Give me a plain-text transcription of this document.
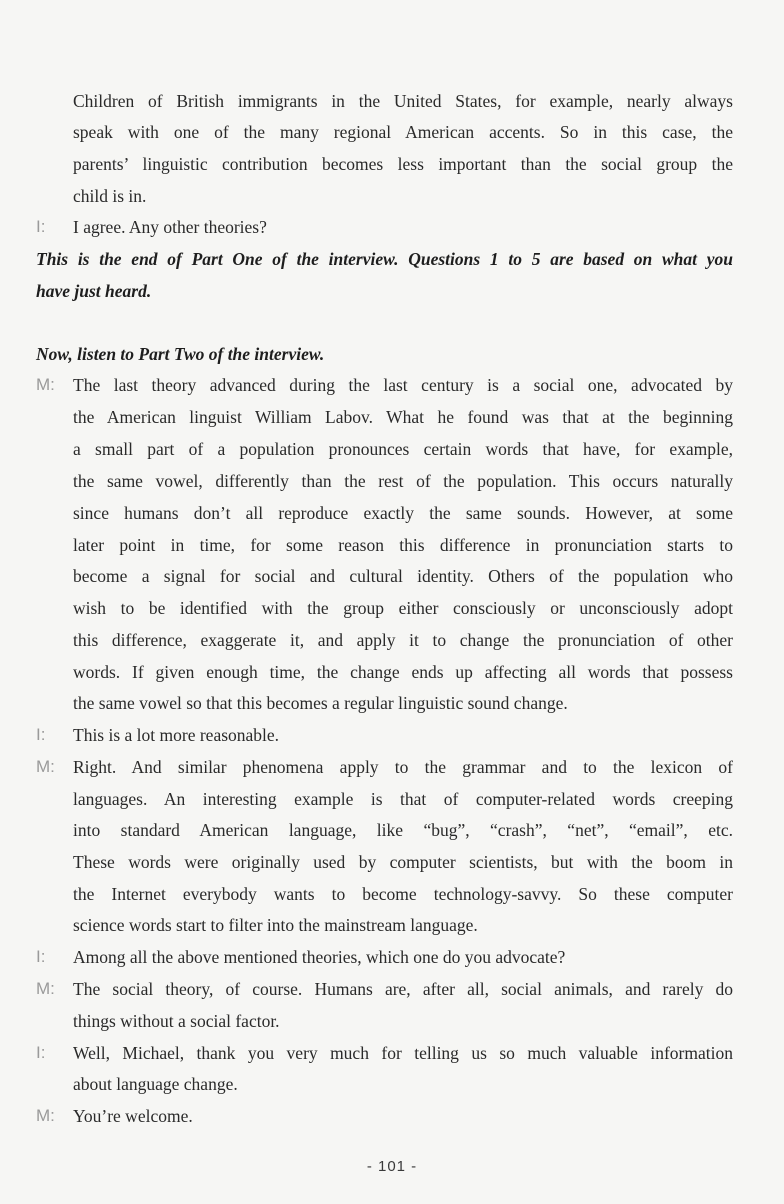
Children of British immigrants in the United States, for example, nearly always
speak with one of the many regional American accents. So in this case, the
parents’ linguistic contribution becomes less important than the social group the
child is in.
I: I agree. Any other theories?
This is the end of Part One of the interview. Questions 1 to 5 are based on what you
have just heard.
Now, listen to Part Two of the interview.
M: The last theory advanced during the last century is a social one, advocated by
the American linguist William Labov. What he found was that at the beginning
a small part of a population pronounces certain words that have, for example,
the same vowel, differently than the rest of the population. This occurs naturally
since humans don’t all reproduce exactly the same sounds. However, at some
later point in time, for some reason this difference in pronunciation starts to
become a signal for social and cultural identity. Others of the population who
wish to be identified with the group either consciously or unconsciously adopt
this difference, exaggerate it, and apply it to change the pronunciation of other
words. If given enough time, the change ends up affecting all words that possess
the same vowel so that this becomes a regular linguistic sound change.
I: This is a lot more reasonable.
M: Right. And similar phenomena apply to the grammar and to the lexicon of
languages. An interesting example is that of computer-related words creeping
into standard American language, like “bug”, “crash”, “net”, “email”, etc.
These words were originally used by computer scientists, but with the boom in
the Internet everybody wants to become technology-savvy. So these computer
science words start to filter into the mainstream language.
I: Among all the above mentioned theories, which one do you advocate?
M: The social theory, of course. Humans are, after all, social animals, and rarely do
things without a social factor.
I: Well, Michael, thank you very much for telling us so much valuable information
about language change.
M: You’re welcome.
- 101 -
